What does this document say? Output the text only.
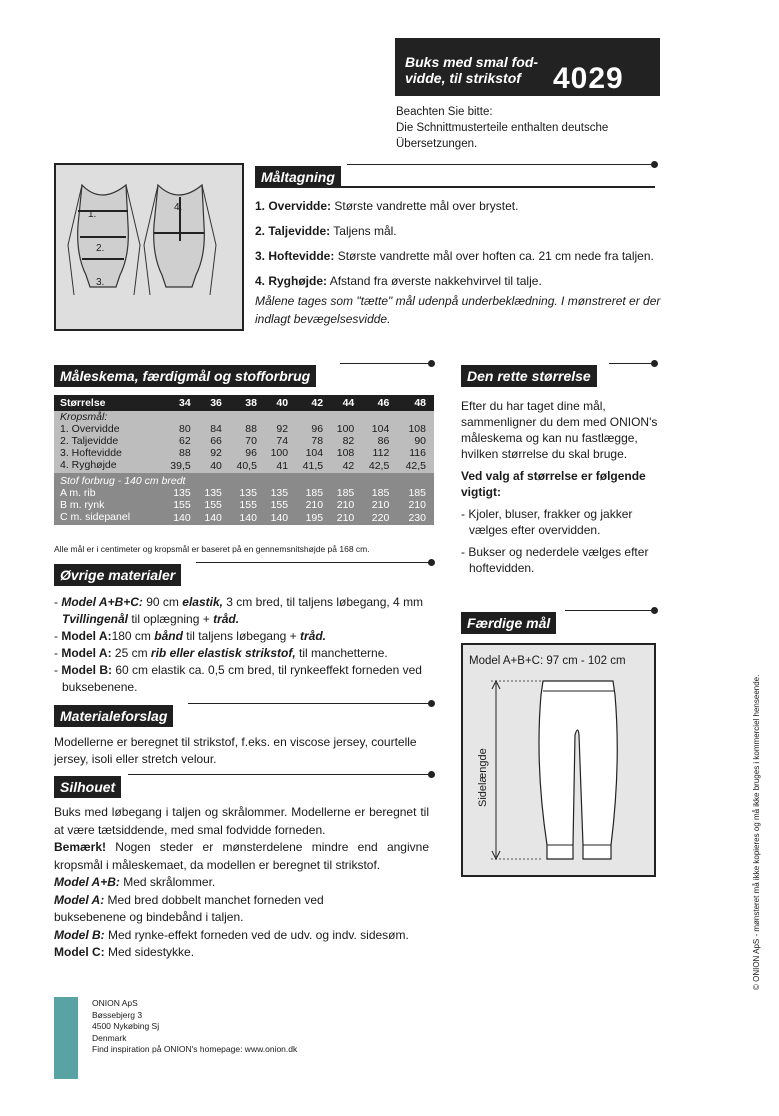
Buks med smal fod-vidde, til strikstof	4029
Beachten Sie bitte:
Die Schnittmusterteile enthalten deutsche
Übersetzungen.
1.
2.
3.
4.
Måltagning
1. Overvidde: Største vandrette mål over brystet.
2. Taljevidde: Taljens mål.
3. Hoftevidde: Største vandrette mål over hoften ca. 21 cm nede fra taljen.
4. Ryghøjde: Afstand fra øverste nakkehvirvel til talje.
Målene tages som "tætte" mål udenpå underbeklædning. I mønstreret er der indlagt bevægelsesvidde.
Måleskema, færdigmål og stofforbrug
Størrelse	34	36	38	40	42	44	46	48
Kropsmål:								
1. Overvidde	80	84	88	92	96	100	104	108
2. Taljevidde	62	66	70	74	78	82	86	90
3. Hoftevidde	88	92	96	100	104	108	112	116
4. Ryghøjde	39,5	40	40,5	41	41,5	42	42,5	42,5
Stof forbrug - 140 cm bredt								
A m. rib	135	135	135	135	185	185	185	185
B m. rynk	155	155	155	155	210	210	210	210
C m. sidepanel	140	140	140	140	195	210	220	230
Alle mål er i centimeter og kropsmål er baseret på en gennemsnitshøjde på 168 cm.
Den rette størrelse
Efter du har taget dine mål, sammenligner du dem med ONION's måleskema og kan nu fastlægge, hvilken størrelse du skal bruge.
Ved valg af størrelse er følgende vigtigt:
- Kjoler, bluser, frakker og jakker vælges efter overvidden.
- Bukser og nederdele vælges efter hoftevidden.
Øvrige materialer
- Model A+B+C: 90 cm elastik, 3 cm bred, til taljens løbegang, 4 mm Tvillingenål til oplægning + tråd.
- Model A:180 cm bånd til taljens løbegang + tråd.
- Model A: 25 cm rib eller elastisk strikstof, til manchetterne.
- Model B: 60 cm elastik ca. 0,5 cm bred, til rynkeeffekt forneden ved buksebenene.
Materialeforslag
Modellerne er beregnet til strikstof, f.eks. en viscose jersey, courtelle jersey, isoli eller stretch velour.
Silhouet
Buks med løbegang i taljen og skrålommer. Modellerne er beregnet til at være tætsiddende, med smal fodvidde forneden.
Bemærk! Nogen steder er mønsterdelene mindre end angivne kropsmål i måleskemaet, da modellen er beregnet til strikstof.
Model A+B: Med skrålommer.
Model A: Med bred dobbelt manchet forneden ved buksebenene og bindebånd i taljen.
Model B: Med rynke-effekt forneden ved de udv. og indv. sidesøm.
Model C: Med sidestykke.
Færdige mål
Model A+B+C: 97 cm - 102 cm
Sidelængde
ONION ApS
Bøssebjerg 3
4500 Nykøbing Sj
Denmark
Find inspiration på ONION's homepage: www.onion.dk
© ONION ApS - mønsteret må ikke kopieres og må ikke bruges i kommerciel henseende.
